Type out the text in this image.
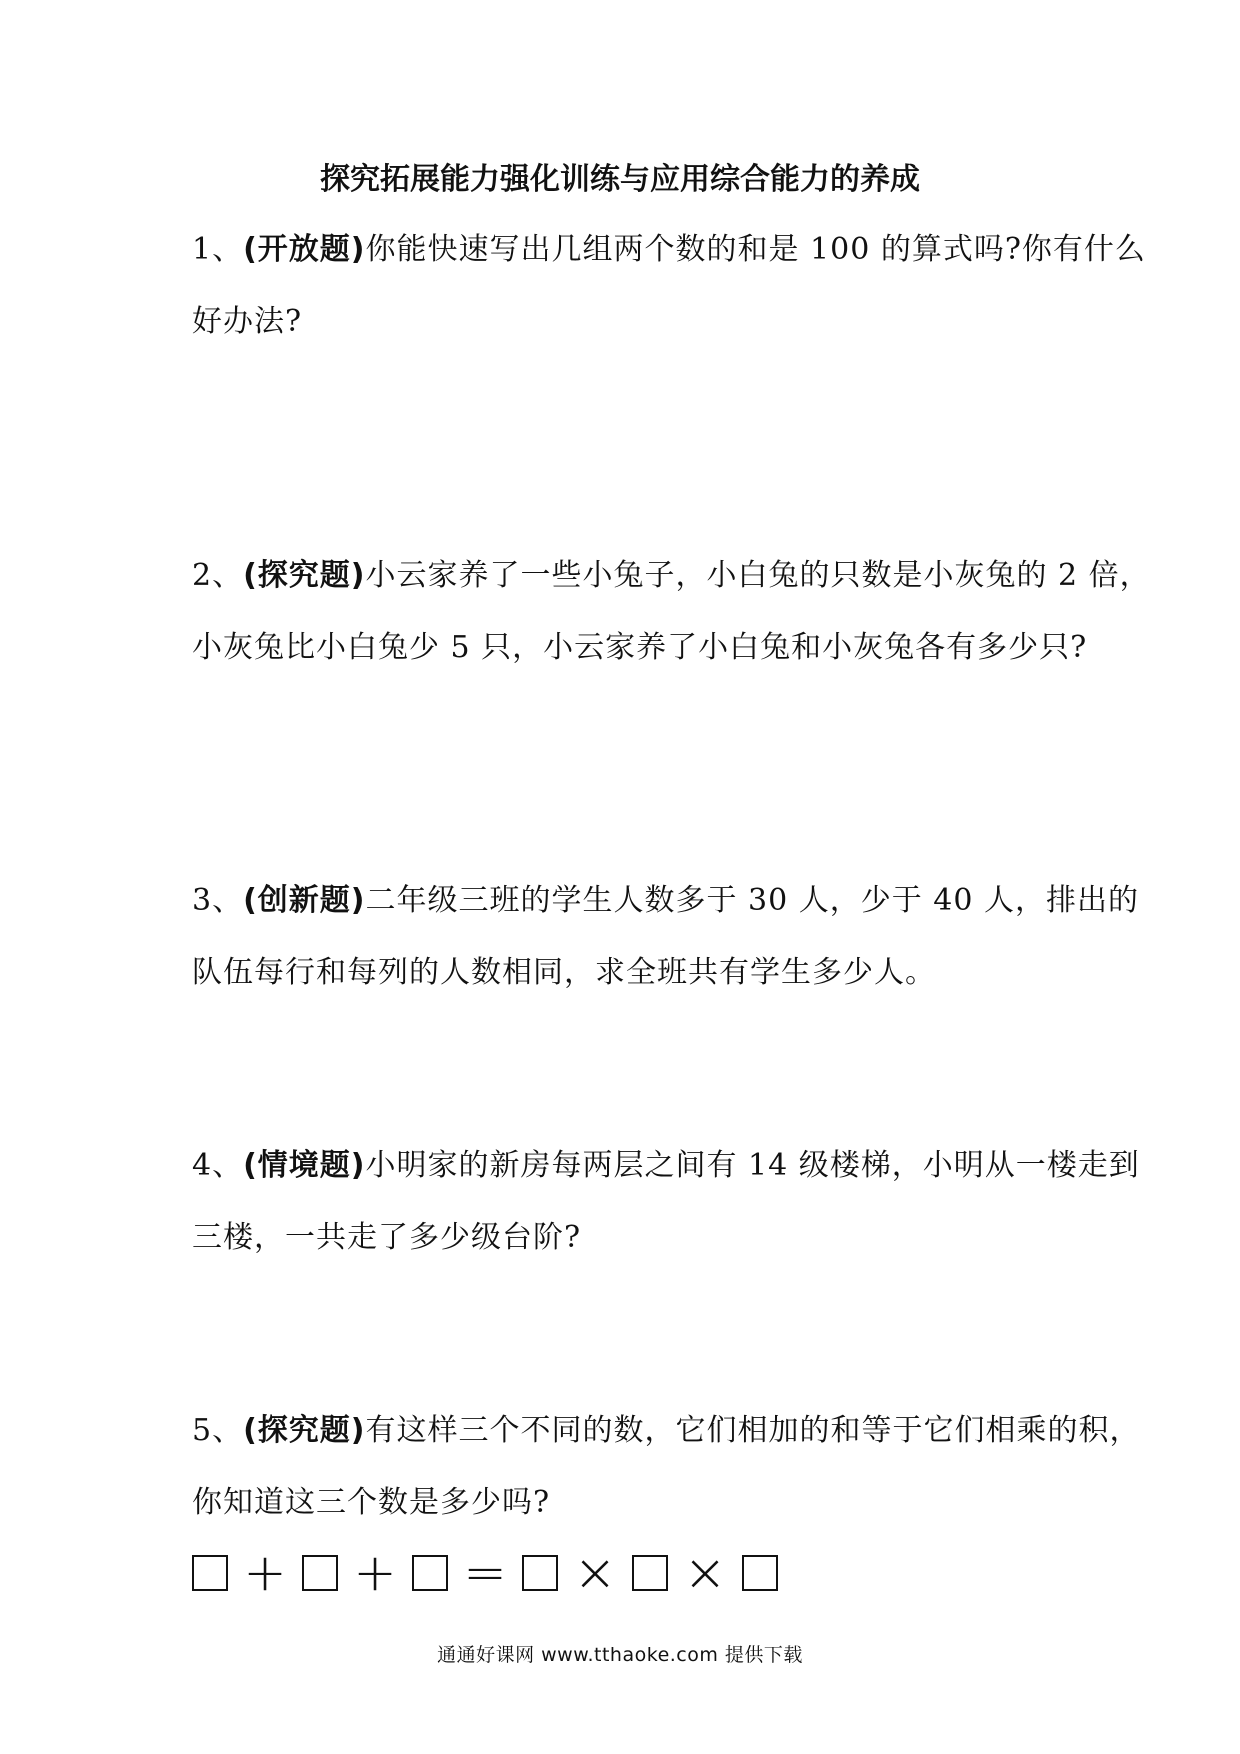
探究拓展能力强化训练与应用综合能力的养成
1、(开放题)你能快速写出几组两个数的和是 100 的算式吗?你有什么
好办法?
2、(探究题)小云家养了一些小兔子，小白兔的只数是小灰兔的 2 倍，
小灰兔比小白兔少 5 只，小云家养了小白兔和小灰兔各有多少只?
3、(创新题)二年级三班的学生人数多于 30 人，少于 40 人，排出的
队伍每行和每列的人数相同，求全班共有学生多少人。
4、(情境题)小明家的新房每两层之间有 14 级楼梯，小明从一楼走到
三楼，一共走了多少级台阶?
5、(探究题)有这样三个不同的数，它们相加的和等于它们相乘的积，
你知道这三个数是多少吗?
+ + = × ×
通通好课网 www.tthaoke.com 提供下载
